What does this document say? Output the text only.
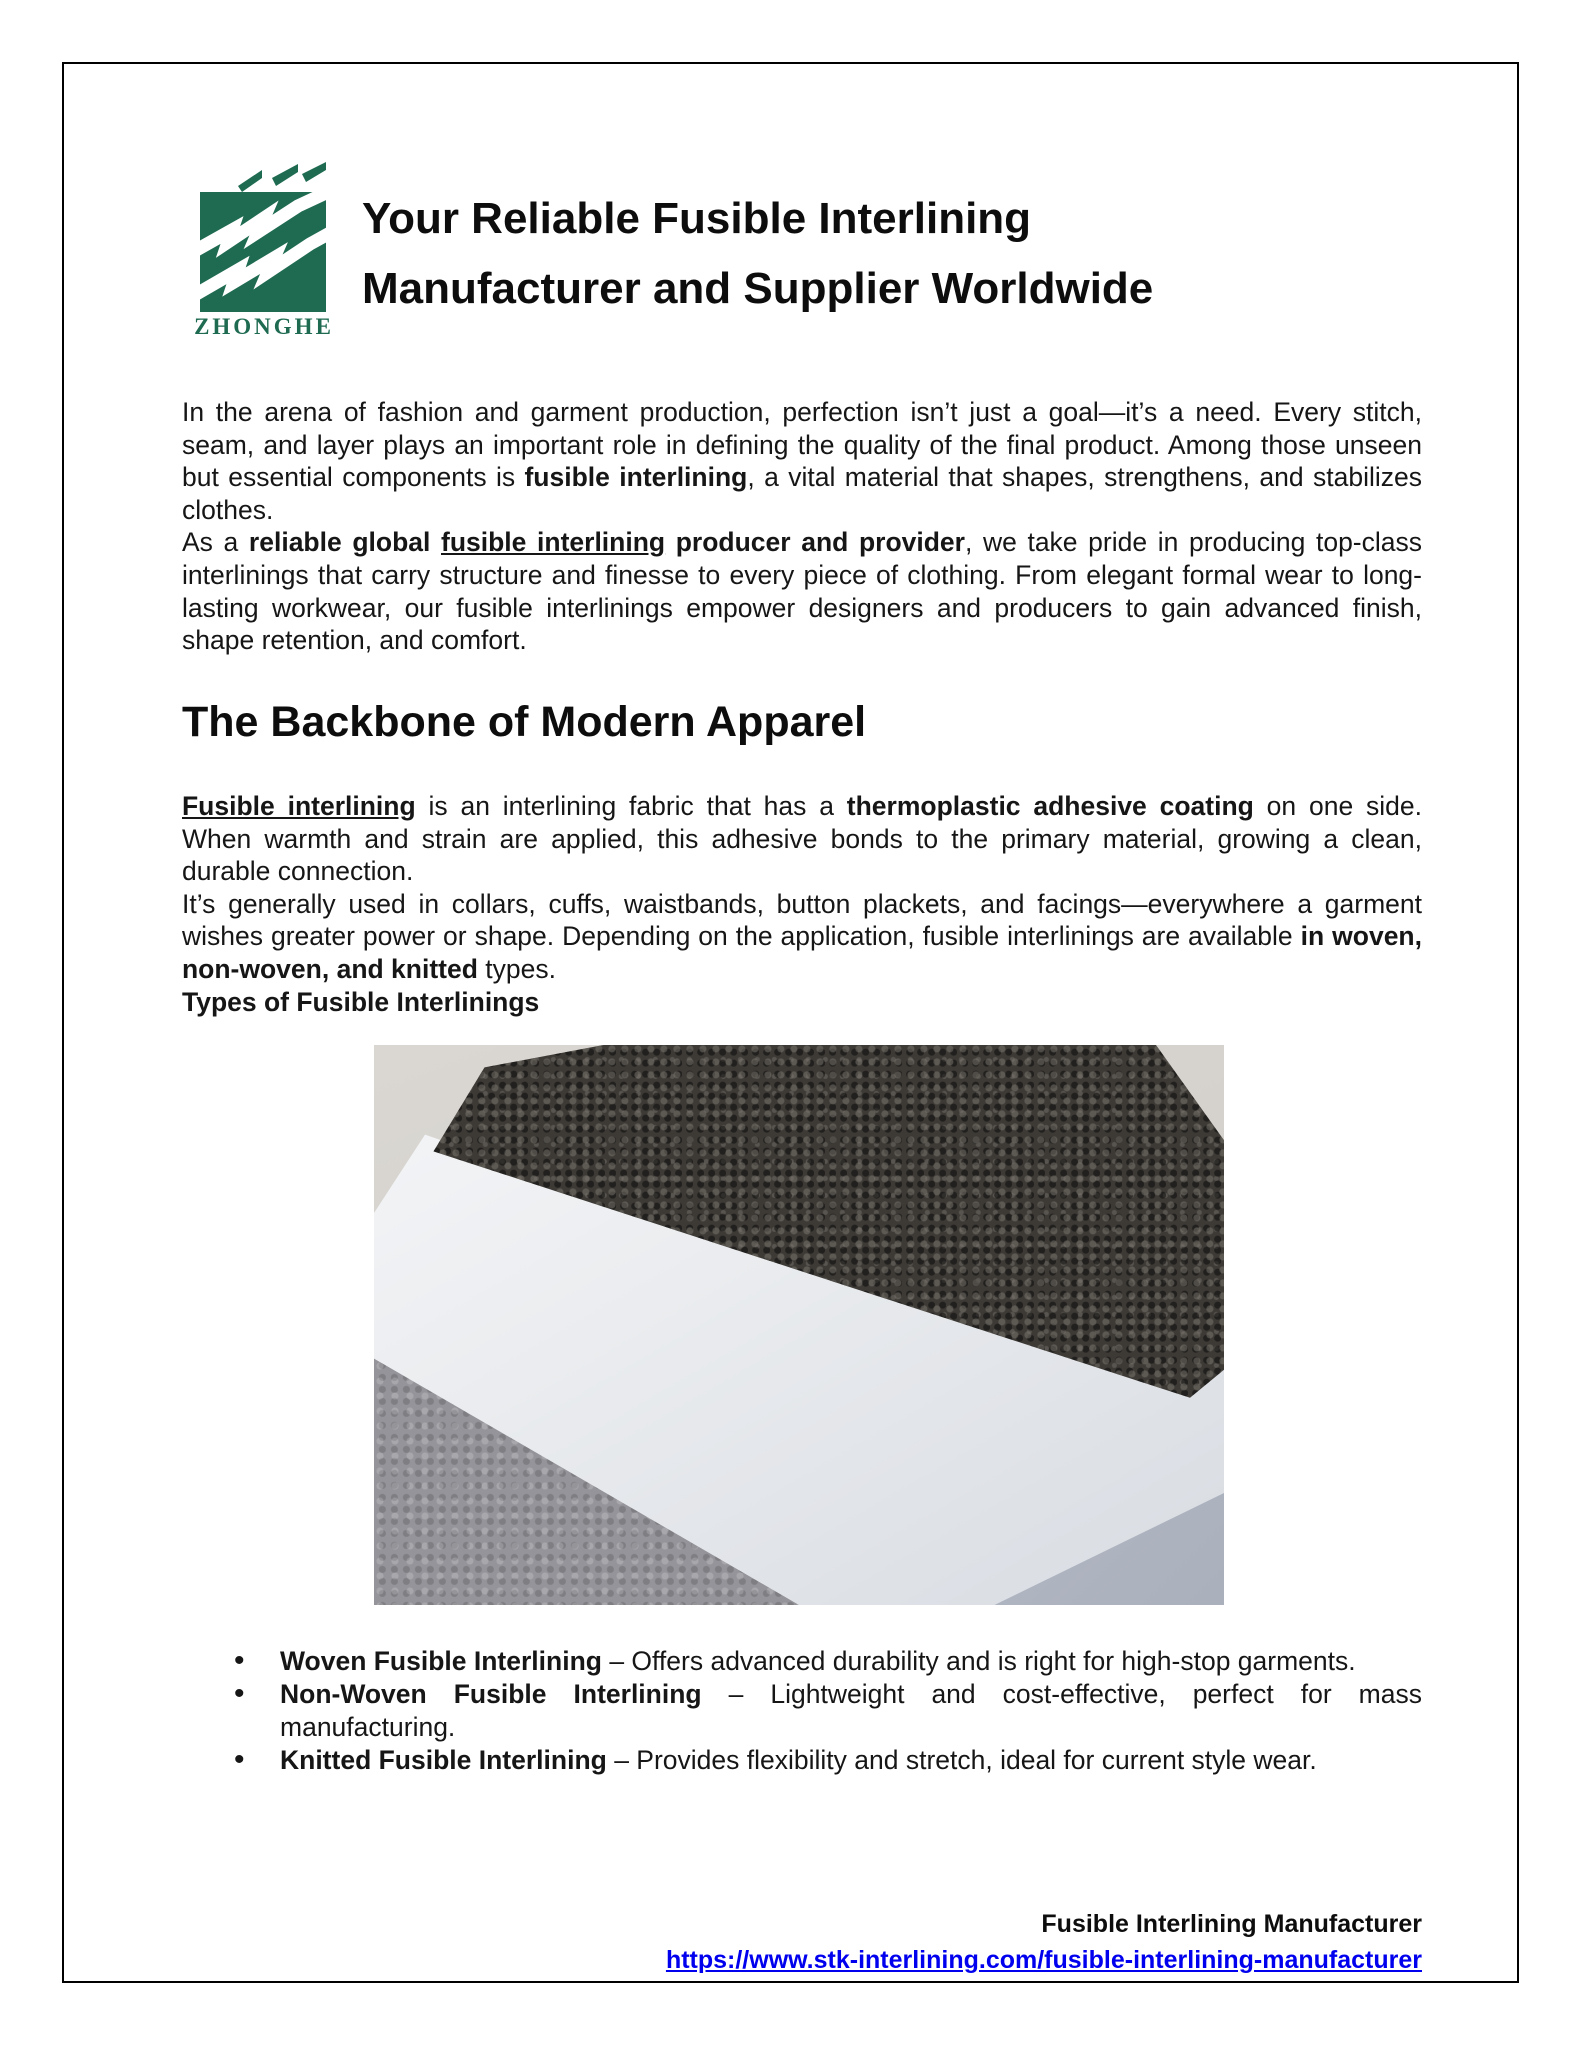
ZHONGHE
Your Reliable Fusible Interlining
Manufacturer and Supplier Worldwide

In the arena of fashion and garment production, perfection isn’t just a goal—it’s a need. Every stitch, seam, and layer plays an important role in defining the quality of the final product. Among those unseen but essential components is fusible interlining, a vital material that shapes, strengthens, and stabilizes clothes.

As a reliable global fusible interlining producer and provider, we take pride in producing top-class interlinings that carry structure and finesse to every piece of clothing. From elegant formal wear to long-lasting workwear, our fusible interlinings empower designers and producers to gain advanced finish, shape retention, and comfort.

The Backbone of Modern Apparel

Fusible interlining is an interlining fabric that has a thermoplastic adhesive coating on one side. When warmth and strain are applied, this adhesive bonds to the primary material, growing a clean, durable connection.

It’s generally used in collars, cuffs, waistbands, button plackets, and facings—everywhere a garment wishes greater power or shape. Depending on the application, fusible interlinings are available in woven, non-woven, and knitted types.

Types of Fusible Interlinings

• Woven Fusible Interlining – Offers advanced durability and is right for high-stop garments.
• Non-Woven Fusible Interlining – Lightweight and cost-effective, perfect for mass manufacturing.
• Knitted Fusible Interlining – Provides flexibility and stretch, ideal for current style wear.
Fusible Interlining Manufacturer
https://www.stk-interlining.com/fusible-interlining-manufacturer
